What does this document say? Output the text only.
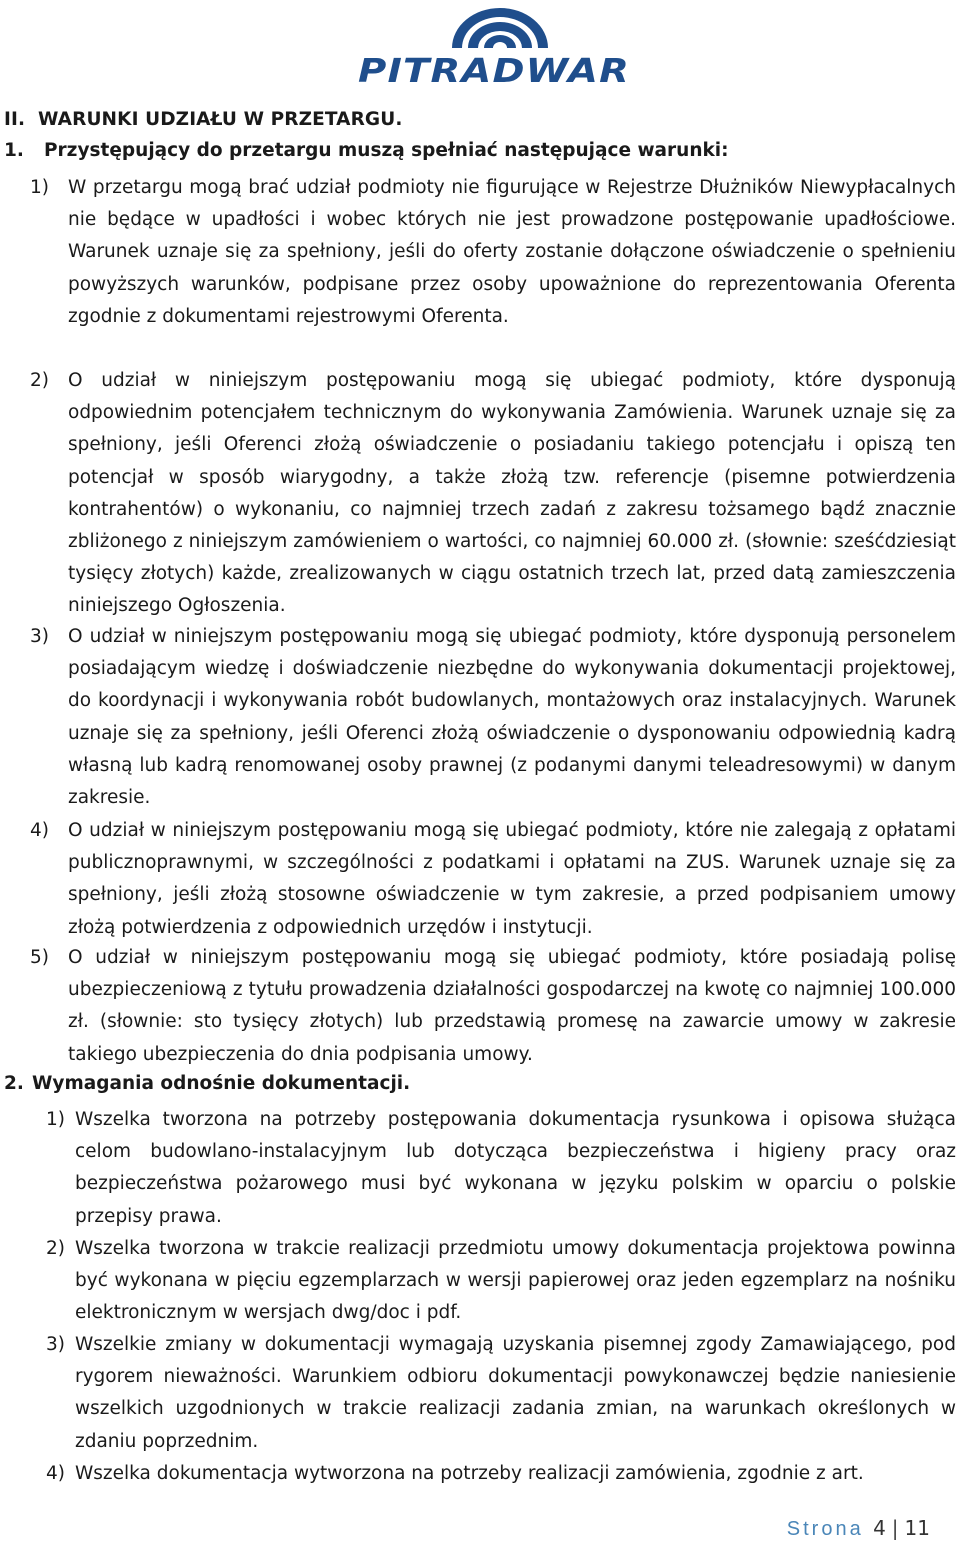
PITRADWAR
II. WARUNKI UDZIAŁU W PRZETARGU.
1. Przystępujący do przetargu muszą spełniać następujące warunki:
1) W przetargu mogą brać udział podmioty nie figurujące w Rejestrze Dłużników Niewypłacalnych nie będące w upadłości i wobec których nie jest prowadzone postępowanie upadłościowe. Warunek uznaje się za spełniony, jeśli do oferty zostanie dołączone oświadczenie o spełnieniu powyższych warunków, podpisane przez osoby upoważnione do reprezentowania Oferenta zgodnie z dokumentami rejestrowymi Oferenta.
2) O udział w niniejszym postępowaniu mogą się ubiegać podmioty, które dysponują odpowiednim potencjałem technicznym do wykonywania Zamówienia. Warunek uznaje się za spełniony, jeśli Oferenci złożą oświadczenie o posiadaniu takiego potencjału i opiszą ten potencjał w sposób wiarygodny, a także złożą tzw. referencje (pisemne potwierdzenia kontrahentów) o wykonaniu, co najmniej trzech zadań z zakresu tożsamego bądź znacznie zbliżonego z niniejszym zamówieniem o wartości, co najmniej 60.000 zł. (słownie: sześćdziesiąt tysięcy złotych) każde, zrealizowanych w ciągu ostatnich trzech lat, przed datą zamieszczenia niniejszego Ogłoszenia.
3) O udział w niniejszym postępowaniu mogą się ubiegać podmioty, które dysponują personelem posiadającym wiedzę i doświadczenie niezbędne do wykonywania dokumentacji projektowej, do koordynacji i wykonywania robót budowlanych, montażowych oraz instalacyjnych. Warunek uznaje się za spełniony, jeśli Oferenci złożą oświadczenie o dysponowaniu odpowiednią kadrą własną lub kadrą renomowanej osoby prawnej (z podanymi danymi teleadresowymi) w danym zakresie.
4) O udział w niniejszym postępowaniu mogą się ubiegać podmioty, które nie zalegają z opłatami publicznoprawnymi, w szczególności z podatkami i opłatami na ZUS. Warunek uznaje się za spełniony, jeśli złożą stosowne oświadczenie w tym zakresie, a przed podpisaniem umowy złożą potwierdzenia z odpowiednich urzędów i instytucji.
5) O udział w niniejszym postępowaniu mogą się ubiegać podmioty, które posiadają polisę ubezpieczeniową z tytułu prowadzenia działalności gospodarczej na kwotę co najmniej 100.000 zł. (słownie: sto tysięcy złotych) lub przedstawią promesę na zawarcie umowy w zakresie takiego ubezpieczenia do dnia podpisania umowy.
2. Wymagania odnośnie dokumentacji.
1) Wszelka tworzona na potrzeby postępowania dokumentacja rysunkowa i opisowa służąca celom budowlano-instalacyjnym lub dotycząca bezpieczeństwa i higieny pracy oraz bezpieczeństwa pożarowego musi być wykonana w języku polskim w oparciu o polskie przepisy prawa.
2) Wszelka tworzona w trakcie realizacji przedmiotu umowy dokumentacja projektowa powinna być wykonana w pięciu egzemplarzach w wersji papierowej oraz jeden egzemplarz na nośniku elektronicznym w wersjach dwg/doc i pdf.
3) Wszelkie zmiany w dokumentacji wymagają uzyskania pisemnej zgody Zamawiającego, pod rygorem nieważności. Warunkiem odbioru dokumentacji powykonawczej będzie naniesienie wszelkich uzgodnionych w trakcie realizacji zadania zmian, na warunkach określonych w zdaniu poprzednim.
4) Wszelka dokumentacja wytworzona na potrzeby realizacji zamówienia, zgodnie z art.
Strona 4 | 11
